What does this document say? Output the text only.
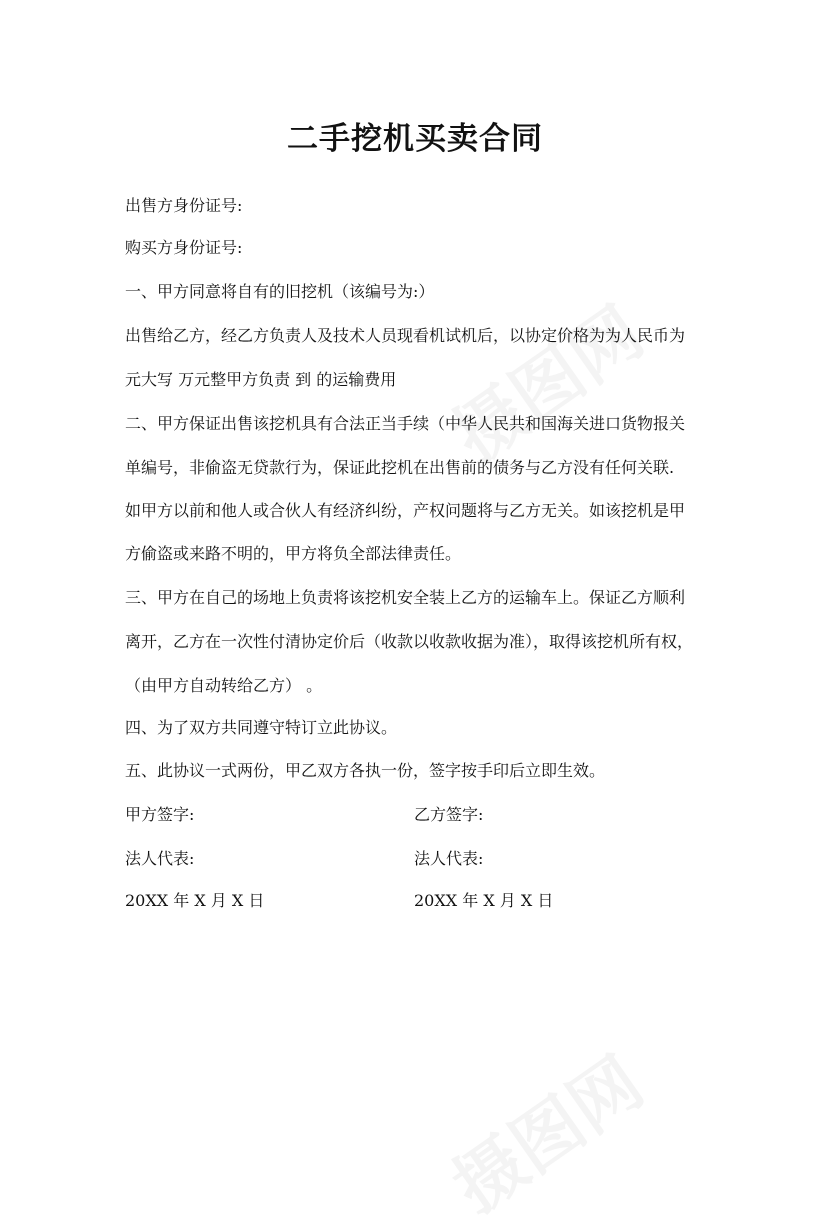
二手挖机买卖合同
出售方身份证号:
购买方身份证号:
一、甲方同意将自有的旧挖机（该编号为:）
出售给乙方，经乙方负责人及技术人员现看机试机后，以协定价格为为人民币为
元大写 万元整甲方负责 到 的运输费用
二、甲方保证出售该挖机具有合法正当手续（中华人民共和国海关进口货物报关
单编号，非偷盗无贷款行为，保证此挖机在出售前的债务与乙方没有任何关联.
如甲方以前和他人或合伙人有经济纠纷，产权问题将与乙方无关。如该挖机是甲
方偷盗或来路不明的，甲方将负全部法律责任。
三、甲方在自己的场地上负责将该挖机安全装上乙方的运输车上。保证乙方顺利
离开，乙方在一次性付清协定价后（收款以收款收据为准），取得该挖机所有权，
（由甲方自动转给乙方） 。
四、为了双方共同遵守特订立此协议。
五、此协议一式两份，甲乙双方各执一份，签字按手印后立即生效。
甲方签字:	乙方签字:
法人代表:	法人代表:
20XX 年 X 月 X 日	20XX 年 X 月 X 日
